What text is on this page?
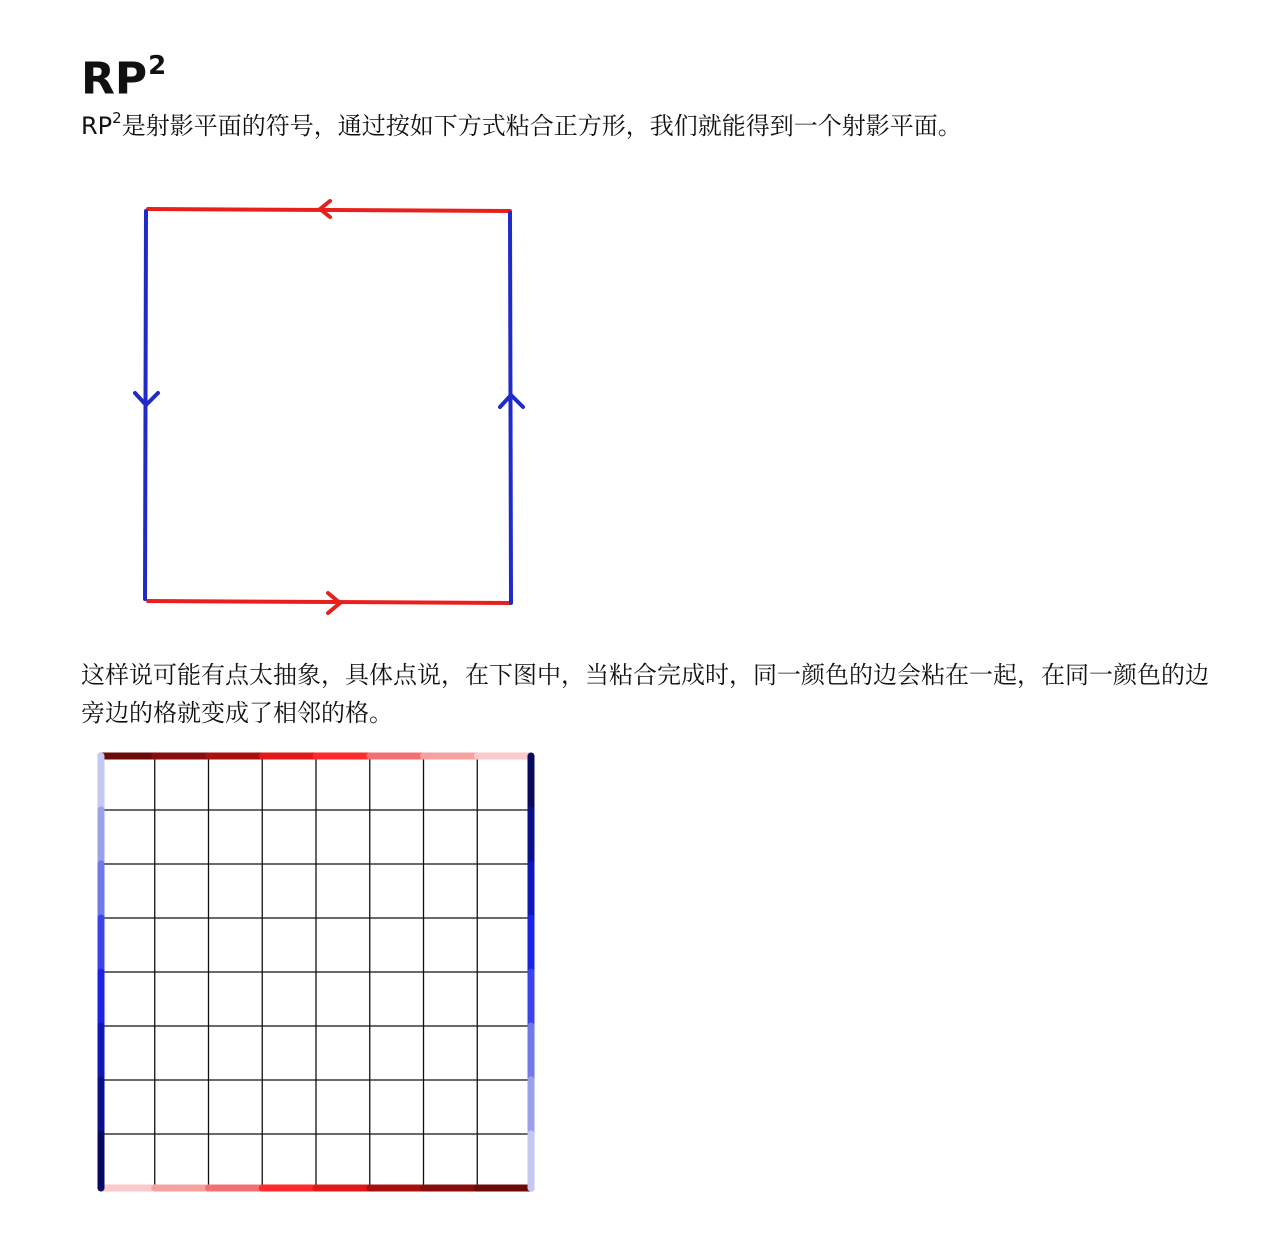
$RP^2$

$RP^2$是射影平面的符号，通过按如下方式粘合正方形，我们就能得到一个射影平面。

这样说可能有点太抽象，具体点说，在下图中，当粘合完成时，同一颜色的边会粘在一起，在同一颜色的边旁边的格就变成了相邻的格。
